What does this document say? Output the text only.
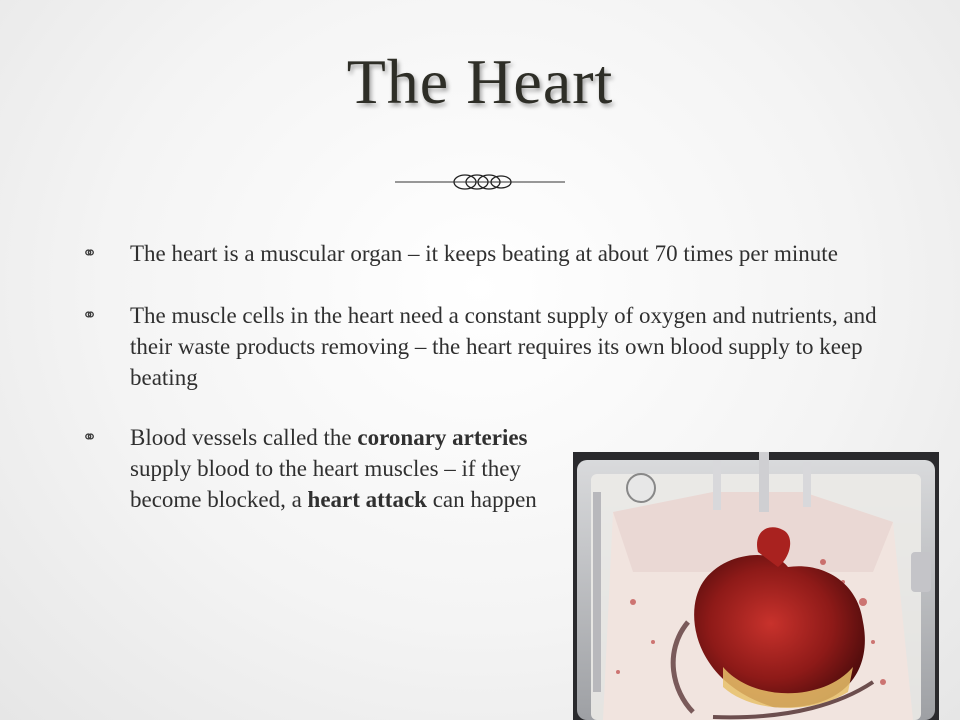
The Heart
⚭ The heart is a muscular organ – it keeps beating at about 70 times per minute
⚭ The muscle cells in the heart need a constant supply of oxygen and nutrients, and their waste products removing – the heart requires its own blood supply to keep beating
⚭ Blood vessels called the coronary arteries supply blood to the heart muscles – if they become blocked, a heart attack can happen
